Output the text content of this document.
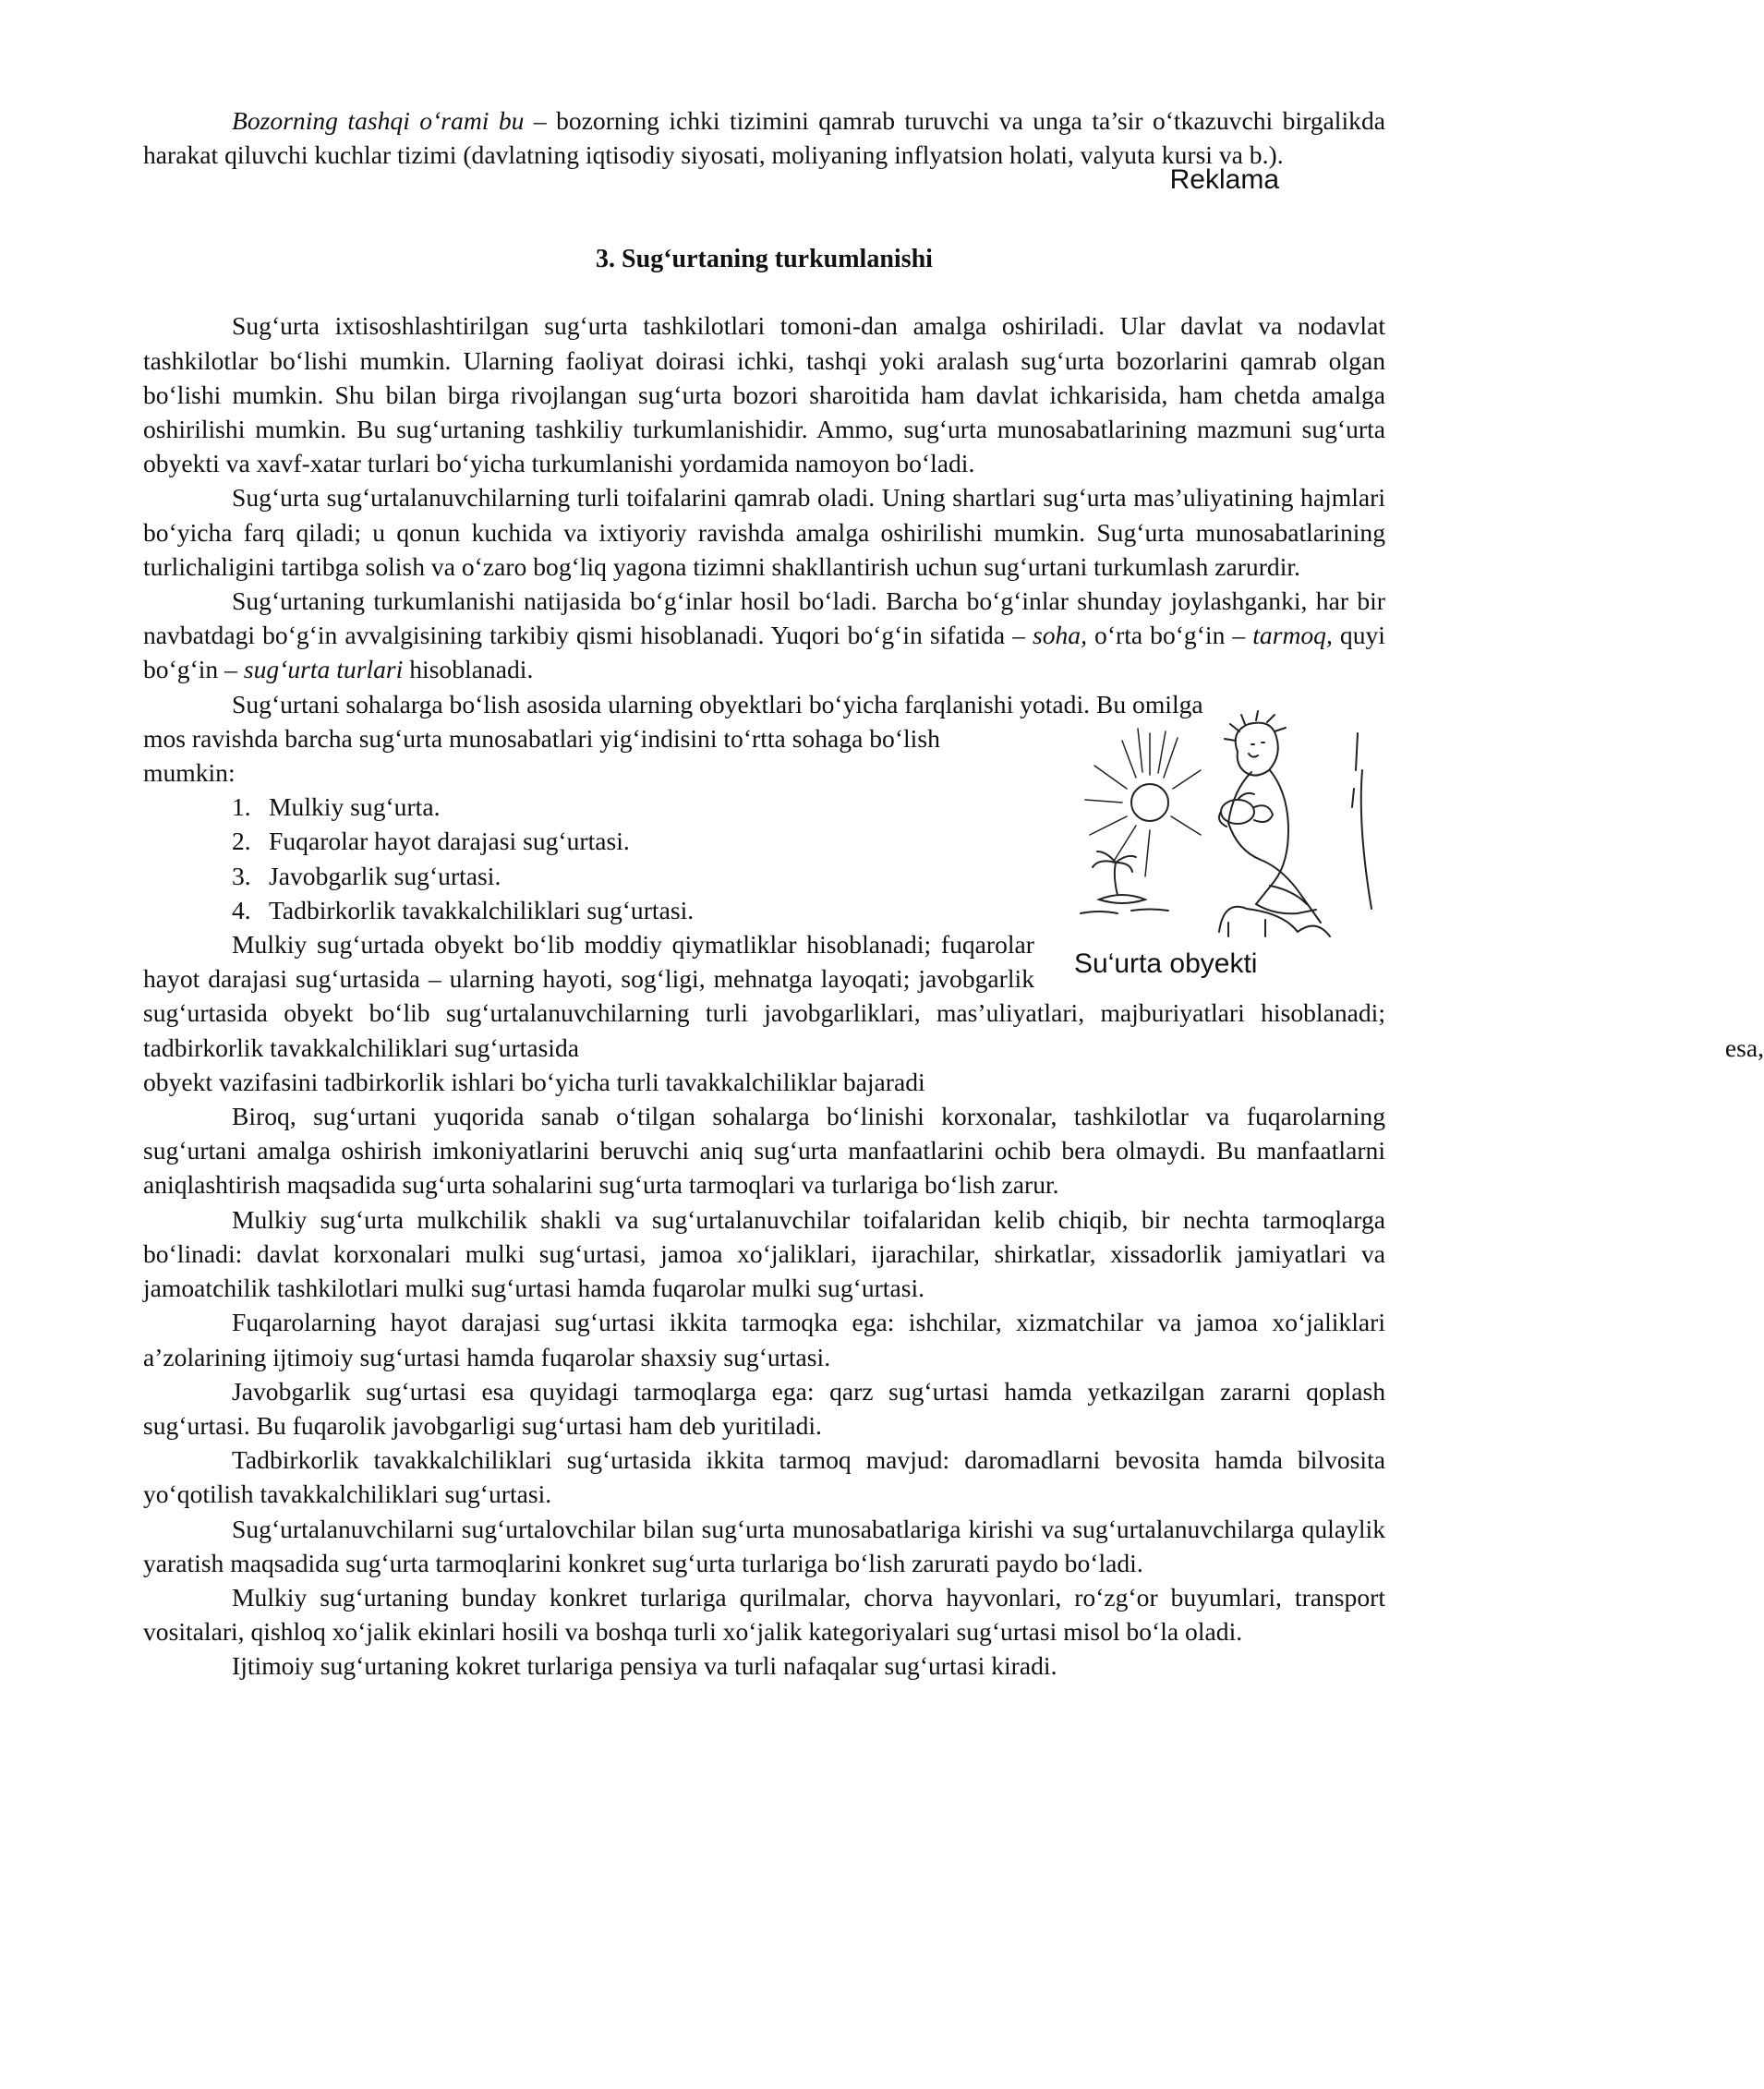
Bozorning tashqi o‘rami bu – bozorning ichki tizimini qamrab turuvchi va unga ta’sir o‘tkazuvchi birgalikda harakat qiluvchi kuchlar tizimi (davlatning iqtisodiy siyosati, moliyaning inflyatsion holati, valyuta kursi va b.).

Reklama

3. Sug‘urtaning turkumlanishi

Sug‘urta ixtisoshlashtirilgan sug‘urta tashkilotlari tomoni-dan amalga oshiriladi. Ular davlat va nodavlat tashkilotlar bo‘lishi mumkin. Ularning faoliyat doirasi ichki, tashqi yoki aralash sug‘urta bozorlarini qamrab olgan bo‘lishi mumkin. Shu bilan birga rivojlangan sug‘urta bozori sharoitida ham davlat ichkarisida, ham chetda amalga oshirilishi mumkin. Bu sug‘urtaning tashkiliy turkumlanishidir. Ammo, sug‘urta munosabatlarining mazmuni sug‘urta obyekti va xavf-xatar turlari bo‘yicha turkumlanishi yordamida namoyon bo‘ladi.

Sug‘urta sug‘urtalanuvchilarning turli toifalarini qamrab oladi. Uning shartlari sug‘urta mas’uliyatining hajmlari bo‘yicha farq qiladi; u qonun kuchida va ixtiyoriy ravishda amalga oshirilishi mumkin. Sug‘urta munosabatlarining turlichaligini tartibga solish va o‘zaro bog‘liq yagona tizimni shakllantirish uchun sug‘urtani turkumlash zarurdir.

Sug‘urtaning turkumlanishi natijasida bo‘g‘inlar hosil bo‘ladi. Barcha bo‘g‘inlar shunday joylashganki, har bir navbatdagi bo‘g‘in avvalgisining tarkibiy qismi hisoblanadi. Yuqori bo‘g‘in sifatida – soha, o‘rta bo‘g‘in – tarmoq, quyi bo‘g‘in – sug‘urta turlari hisoblanadi.

Sug‘urtani sohalarga bo‘lish asosida ularning obyektlari bo‘yicha farqlanishi yotadi. Bu omilga

Su‘urta obyekti

mos ravishda barcha sug‘urta munosabatlari yig‘indisini to‘rtta sohaga bo‘lish mumkin:

1. Mulkiy sug‘urta.
2. Fuqarolar hayot darajasi sug‘urtasi.
3. Javobgarlik sug‘urtasi.
4. Tadbirkorlik tavakkalchiliklari sug‘urtasi.

Mulkiy sug‘urtada obyekt bo‘lib moddiy qiymatliklar hisoblanadi; fuqarolar hayot darajasi sug‘urtasida – ularning hayoti, sog‘ligi, mehnatga layoqati; javobgarlik sug‘urtasida obyekt bo‘lib sug‘urtalanuvchilarning turli javobgarliklari, mas’uliyatlari, majburiyatlari hisoblanadi; tadbirkorlik tavakkalchiliklari sug‘urtasida	esa,

obyekt vazifasini tadbirkorlik ishlari bo‘yicha turli tavakkalchiliklar bajaradi

Biroq, sug‘urtani yuqorida sanab o‘tilgan sohalarga bo‘linishi korxonalar, tashkilotlar va fuqarolarning sug‘urtani amalga oshirish imkoniyatlarini beruvchi aniq sug‘urta manfaatlarini ochib bera olmaydi. Bu manfaatlarni aniqlashtirish maqsadida sug‘urta sohalarini sug‘urta tarmoqlari va turlariga bo‘lish zarur.

Mulkiy sug‘urta mulkchilik shakli va sug‘urtalanuvchilar toifalaridan kelib chiqib, bir nechta tarmoqlarga bo‘linadi: davlat korxonalari mulki sug‘urtasi, jamoa xo‘jaliklari, ijarachilar, shirkatlar, xissadorlik jamiyatlari va jamoatchilik tashkilotlari mulki sug‘urtasi hamda fuqarolar mulki sug‘urtasi.

Fuqarolarning hayot darajasi sug‘urtasi ikkita tarmoqka ega: ishchilar, xizmatchilar va jamoa xo‘jaliklari a’zolarining ijtimoiy sug‘urtasi hamda fuqarolar shaxsiy sug‘urtasi.

Javobgarlik sug‘urtasi esa quyidagi tarmoqlarga ega: qarz sug‘urtasi hamda yetkazilgan zararni qoplash sug‘urtasi. Bu fuqarolik javobgarligi sug‘urtasi ham deb yuritiladi.

Tadbirkorlik tavakkalchiliklari sug‘urtasida ikkita tarmoq mavjud: daromadlarni bevosita hamda bilvosita yo‘qotilish tavakkalchiliklari sug‘urtasi.

Sug‘urtalanuvchilarni sug‘urtalovchilar bilan sug‘urta munosabatlariga kirishi va sug‘urtalanuvchilarga qulaylik yaratish maqsadida sug‘urta tarmoqlarini konkret sug‘urta turlariga bo‘lish zarurati paydo bo‘ladi.

Mulkiy sug‘urtaning bunday konkret turlariga qurilmalar, chorva hayvonlari, ro‘zg‘or buyumlari, transport vositalari, qishloq xo‘jalik ekinlari hosili va boshqa turli xo‘jalik kategoriyalari sug‘urtasi misol bo‘la oladi.

Ijtimoiy sug‘urtaning kokret turlariga pensiya va turli nafaqalar sug‘urtasi kiradi.
